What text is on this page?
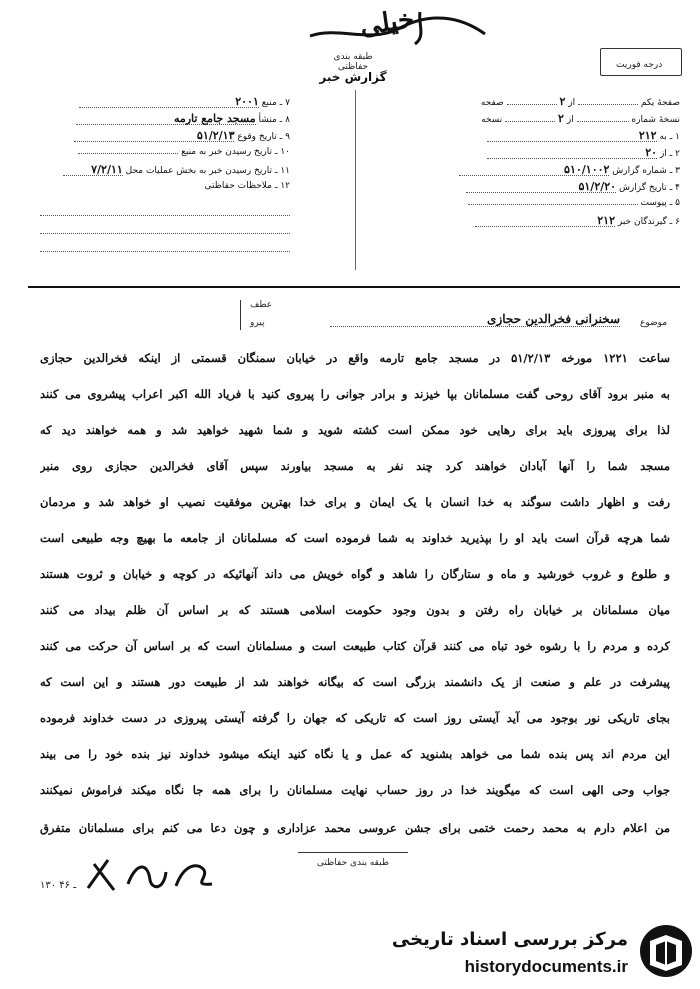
خیلی
طبقه بندی حفاظتی
گزارش خبر
درجه فوریت
صفحهٔ یکم  از ۲  صفحه
نسخهٔ شماره  از ۲  نسخه
۱ ـ به ۲۱۲
۲ ـ از ۲۰
۳ ـ شماره گزارش ۵۱۰/۱۰۰۲
۴ ـ تاریخ گزارش ۵۱/۲/۲۰
۵ ـ پیوست
۶ ـ گیرندگان خبر ۲۱۲
۷ ـ منبع ۲۰۰۱
۸ ـ منشأ مسجد جامع تارمه
۹ ـ تاریخ وقوع ۵۱/۲/۱۳
۱۰ ـ تاریخ رسیدن خبر به منبع
۱۱ ـ تاریخ رسیدن خبر به بخش عملیات محل ۷/۲/۱۱
۱۲ ـ ملاحظات حفاظتی
موضوع
سخنرانی فخرالدین حجازی
عطف
پیرو
ساعت ۱۲۲۱ مورخه ۵۱/۲/۱۳ در مسجد جامع تارمه واقع در خیابان سمنگان قسمتی از اینکه فخرالدین حجازی
به منبر برود آقای روحی گفت مسلمانان بپا خیزند و برادر جوانی را پیروی کنید با فریاد الله اکبر اعراب پیشروی می کنند
لذا برای پیروزی باید برای رهایی خود ممکن است کشته شوید و شما شهید خواهید شد و همه خواهند دید که
مسجد شما را آنها آبادان خواهند کرد چند نفر به مسجد بیاورند سپس آقای فخرالدین حجازی روی منبر
رفت و اظهار داشت سوگند به خدا انسان با یک ایمان و برای خدا بهترین موفقیت نصیب او خواهد شد و مردمان
شما هرچه قرآن است باید او را بپذیرید خداوند به شما فرموده است که مسلمانان از جامعه ما بهیچ وجه طبیعی است
و طلوع و غروب خورشید و ماه و ستارگان را شاهد و گواه خویش می داند آنهائیکه در کوچه و خیابان و ثروت هستند
میان مسلمانان بر خیابان راه رفتن و بدون وجود حکومت اسلامی هستند که بر اساس آن ظلم بیداد می کنند
کرده و مردم را با رشوه خود تباه می کنند قرآن کتاب طبیعت است و مسلمانان است که بر اساس آن حرکت می کنند
پیشرفت در علم و صنعت از یک دانشمند بزرگی است که بیگانه خواهند شد از طبیعت دور هستند و این است که
بجای تاریکی نور بوجود می آید آیستی روز است که تاریکی که جهان را گرفته آیستی پیروزی در دست خداوند فرموده
این مردم اند پس بنده شما می خواهد بشنوید که عمل و یا نگاه کنید اینکه میشود خداوند نیز بنده خود را می بیند
جواب وحی الهی است که میگویند خدا در روز حساب نهایت مسلمانان را برای همه جا نگاه میکند فراموش نمیکنند
من اعلام دارم به محمد رحمت ختمی برای جشن عروسی محمد عزاداری و چون دعا می کنم برای مسلمانان متفرق
طبقه بندی حفاظتی
۱۳۰ ـ ۴۶
مرکز بررسی اسناد تاریخی
historydocuments.ir
